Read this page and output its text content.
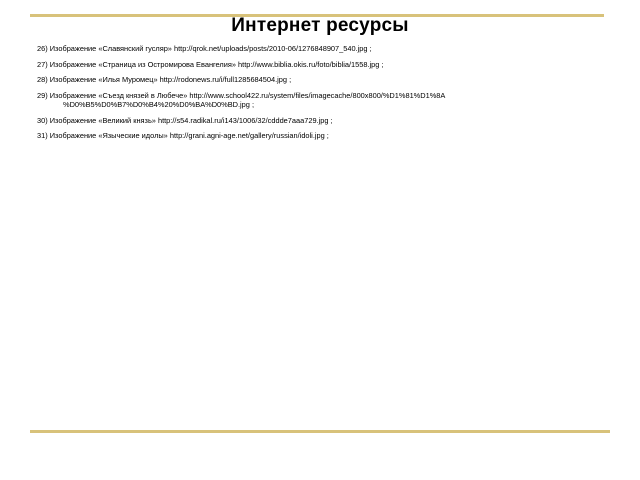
Интернет ресурсы
26) Изображение «Славянский гусляр» http://qrok.net/uploads/posts/2010-06/1276848907_540.jpg ;
27) Изображение «Страница из Остромирова Евангелия» http://www.biblia.okis.ru/foto/biblia/1558.jpg ;
28) Изображение «Илья Муромец» http://rodonews.ru/i/full1285684504.jpg ;
29) Изображение «Съезд князей в Любече» http://www.school422.ru/system/files/imagecache/800x800/%D1%81%D1%8A
%D0%B5%D0%B7%D0%B4%20%D0%BA%D0%BD.jpg ;
30) Изображение «Великий князь» http://s54.radikal.ru/i143/1006/32/cddde7aaa729.jpg ;
31) Изображение «Языческие идолы» http://grani.agni-age.net/gallery/russian/idoli.jpg ;
